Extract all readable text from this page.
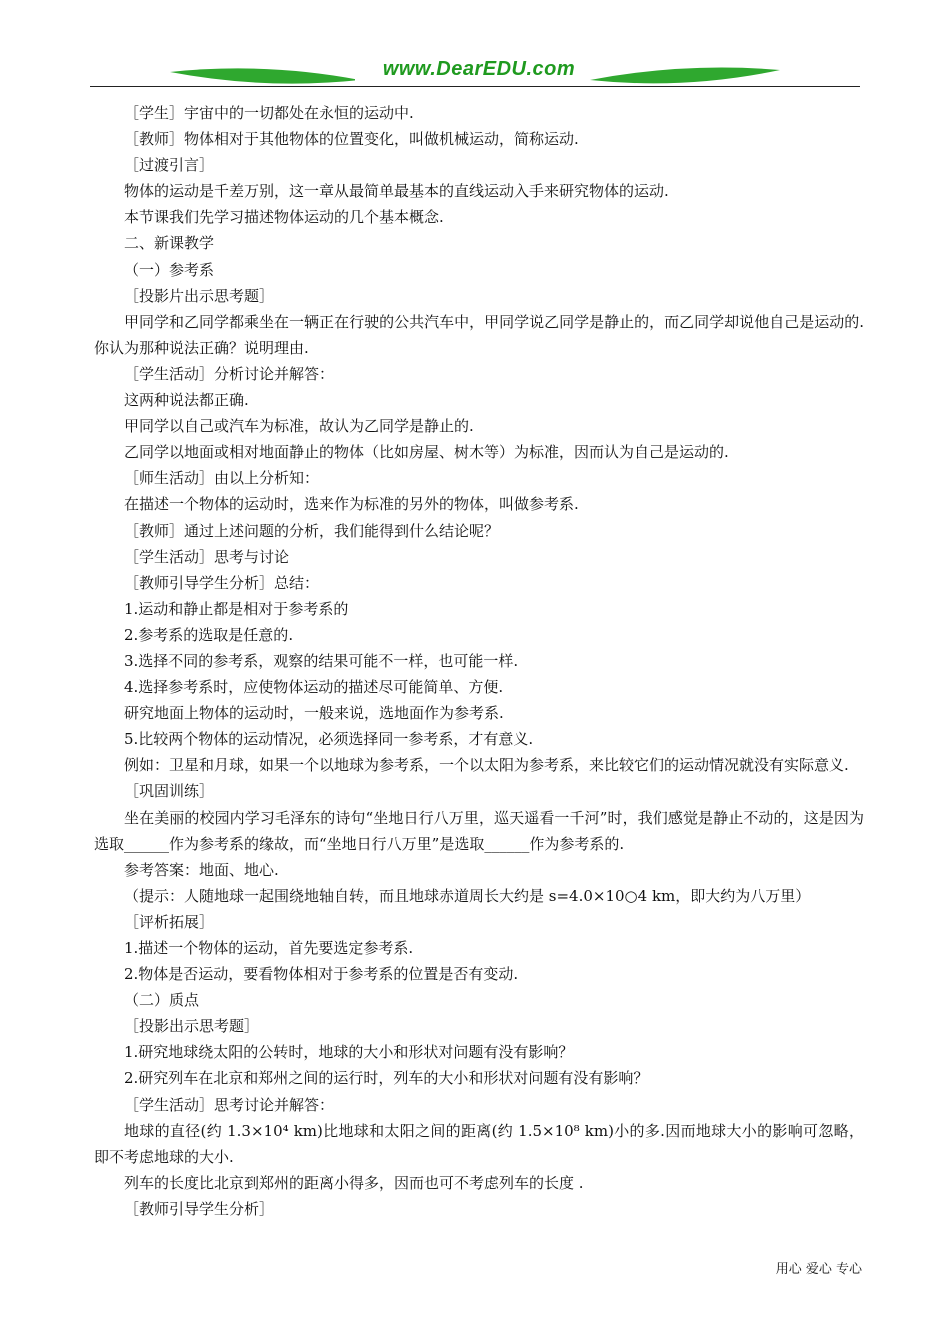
www.DearEDU.com

［学生］宇宙中的一切都处在永恒的运动中.

［教师］物体相对于其他物体的位置变化，叫做机械运动，简称运动.

［过渡引言］

物体的运动是千差万别，这一章从最简单最基本的直线运动入手来研究物体的运动.

本节课我们先学习描述物体运动的几个基本概念.

二、新课教学

（一）参考系

［投影片出示思考题］

甲同学和乙同学都乘坐在一辆正在行驶的公共汽车中，甲同学说乙同学是静止的，而乙同学却说他自己是运动的.你认为那种说法正确？说明理由.

［学生活动］分析讨论并解答：

这两种说法都正确.

甲同学以自己或汽车为标准，故认为乙同学是静止的.

乙同学以地面或相对地面静止的物体（比如房屋、树木等）为标准，因而认为自己是运动的.

［师生活动］由以上分析知：

在描述一个物体的运动时，选来作为标准的另外的物体，叫做参考系.

［教师］通过上述问题的分析，我们能得到什么结论呢？

［学生活动］思考与讨论

［教师引导学生分析］总结：

1.运动和静止都是相对于参考系的

2.参考系的选取是任意的.

3.选择不同的参考系，观察的结果可能不一样，也可能一样.

4.选择参考系时，应使物体运动的描述尽可能简单、方便.

研究地面上物体的运动时，一般来说，选地面作为参考系.

5.比较两个物体的运动情况，必须选择同一参考系，才有意义.

例如：卫星和月球，如果一个以地球为参考系，一个以太阳为参考系，来比较它们的运动情况就没有实际意义.

［巩固训练］

坐在美丽的校园内学习毛泽东的诗句“坐地日行八万里，巡天遥看一千河”时，我们感觉是静止不动的，这是因为选取______作为参考系的缘故，而“坐地日行八万里”是选取______作为参考系的.

参考答案：地面、地心.

（提示：人随地球一起围绕地轴自转，而且地球赤道周长大约是 s=4.0×10○4 km，即大约为八万里）

［评析拓展］

1.描述一个物体的运动，首先要选定参考系.

2.物体是否运动，要看物体相对于参考系的位置是否有变动.

（二）质点

［投影出示思考题］

1.研究地球绕太阳的公转时，地球的大小和形状对问题有没有影响？

2.研究列车在北京和郑州之间的运行时，列车的大小和形状对问题有没有影响？

［学生活动］思考讨论并解答：

地球的直径(约 1.3×10⁴ km)比地球和太阳之间的距离(约 1.5×10⁸ km)小的多.因而地球大小的影响可忽略，即不考虑地球的大小.

列车的长度比北京到郑州的距离小得多，因而也可不考虑列车的长度 .

［教师引导学生分析］

用心 爱心 专心
